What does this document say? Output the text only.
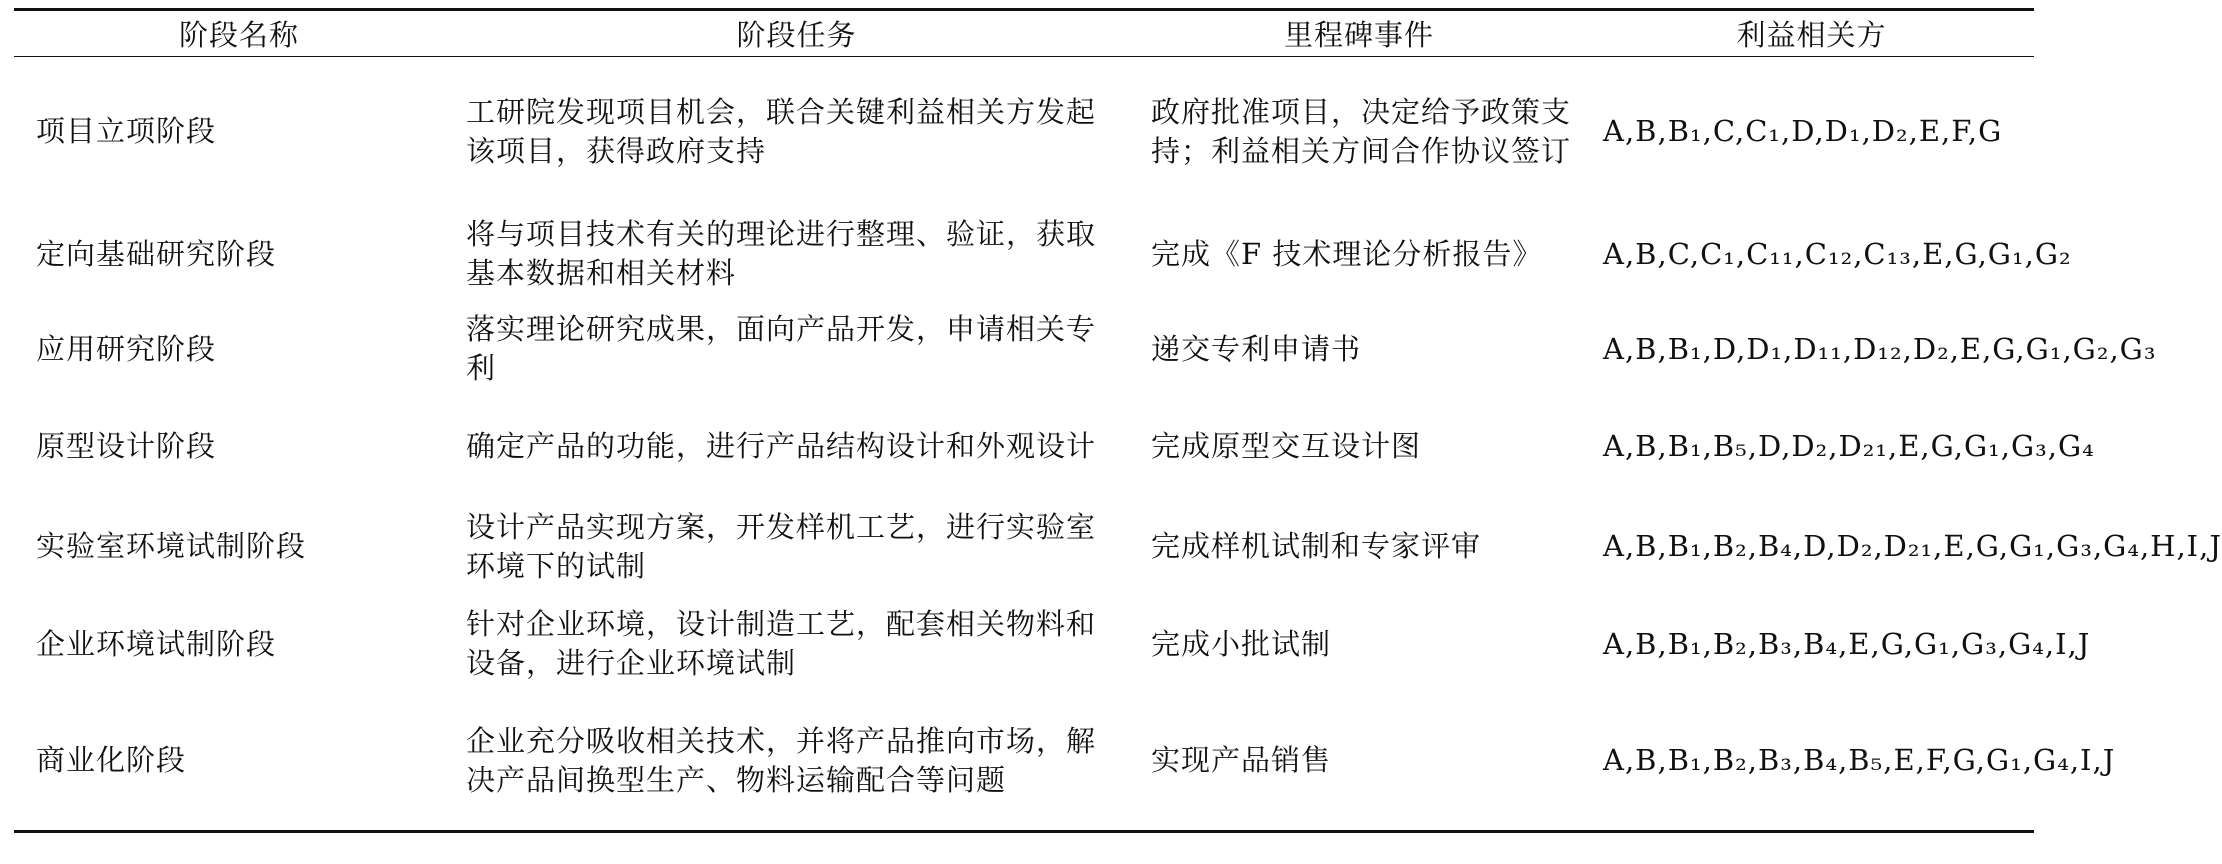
阶段名称	阶段任务	里程碑事件	利益相关方
项目立项阶段	工研院发现项目机会，联合关键利益相关方发起该项目，获得政府支持	政府批准项目，决定给予政策支持；利益相关方间合作协议签订	A,B,B₁,C,C₁,D,D₁,D₂,E,F,G
定向基础研究阶段	将与项目技术有关的理论进行整理、验证，获取基本数据和相关材料	完成《F 技术理论分析报告》	A,B,C,C₁,C₁₁,C₁₂,C₁₃,E,G,G₁,G₂
应用研究阶段	落实理论研究成果，面向产品开发，申请相关专利	递交专利申请书	A,B,B₁,D,D₁,D₁₁,D₁₂,D₂,E,G,G₁,G₂,G₃
原型设计阶段	确定产品的功能，进行产品结构设计和外观设计	完成原型交互设计图	A,B,B₁,B₅,D,D₂,D₂₁,E,G,G₁,G₃,G₄
实验室环境试制阶段	设计产品实现方案，开发样机工艺，进行实验室环境下的试制	完成样机试制和专家评审	A,B,B₁,B₂,B₄,D,D₂,D₂₁,E,G,G₁,G₃,G₄,H,I,J
企业环境试制阶段	针对企业环境，设计制造工艺，配套相关物料和设备，进行企业环境试制	完成小批试制	A,B,B₁,B₂,B₃,B₄,E,G,G₁,G₃,G₄,I,J
商业化阶段	企业充分吸收相关技术，并将产品推向市场，解决产品间换型生产、物料运输配合等问题	实现产品销售	A,B,B₁,B₂,B₃,B₄,B₅,E,F,G,G₁,G₄,I,J
